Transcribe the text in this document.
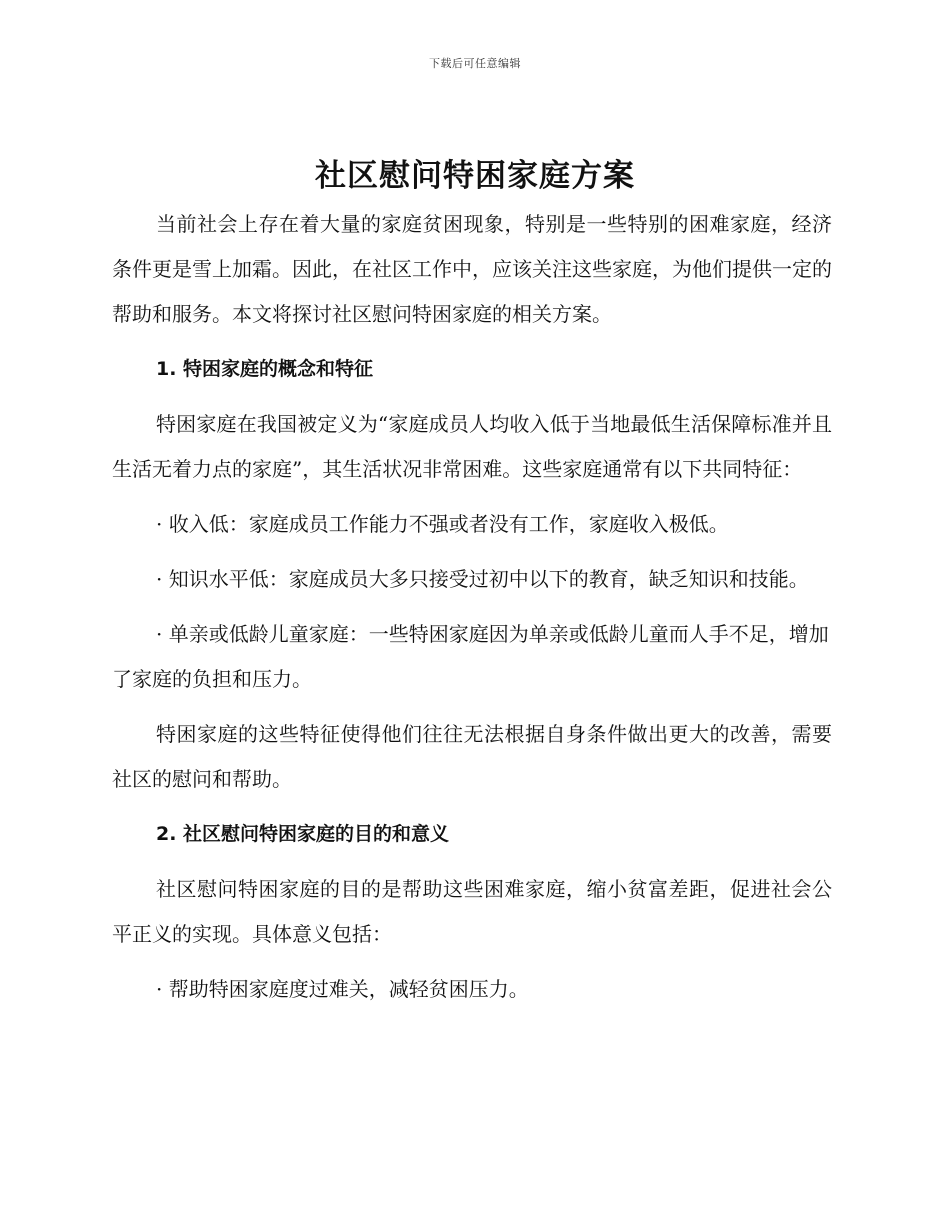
下载后可任意编辑
社区慰问特困家庭方案

当前社会上存在着大量的家庭贫困现象，特别是一些特别的困难家庭，经济条件更是雪上加霜。因此，在社区工作中，应该关注这些家庭，为他们提供一定的帮助和服务。本文将探讨社区慰问特困家庭的相关方案。

1. 特困家庭的概念和特征

特困家庭在我国被定义为“家庭成员人均收入低于当地最低生活保障标准并且生活无着力点的家庭”，其生活状况非常困难。这些家庭通常有以下共同特征：

· 收入低：家庭成员工作能力不强或者没有工作，家庭收入极低。

· 知识水平低：家庭成员大多只接受过初中以下的教育，缺乏知识和技能。

· 单亲或低龄儿童家庭：一些特困家庭因为单亲或低龄儿童而人手不足，增加了家庭的负担和压力。

特困家庭的这些特征使得他们往往无法根据自身条件做出更大的改善，需要社区的慰问和帮助。

2. 社区慰问特困家庭的目的和意义

社区慰问特困家庭的目的是帮助这些困难家庭，缩小贫富差距，促进社会公平正义的实现。具体意义包括：

· 帮助特困家庭度过难关，减轻贫困压力。
